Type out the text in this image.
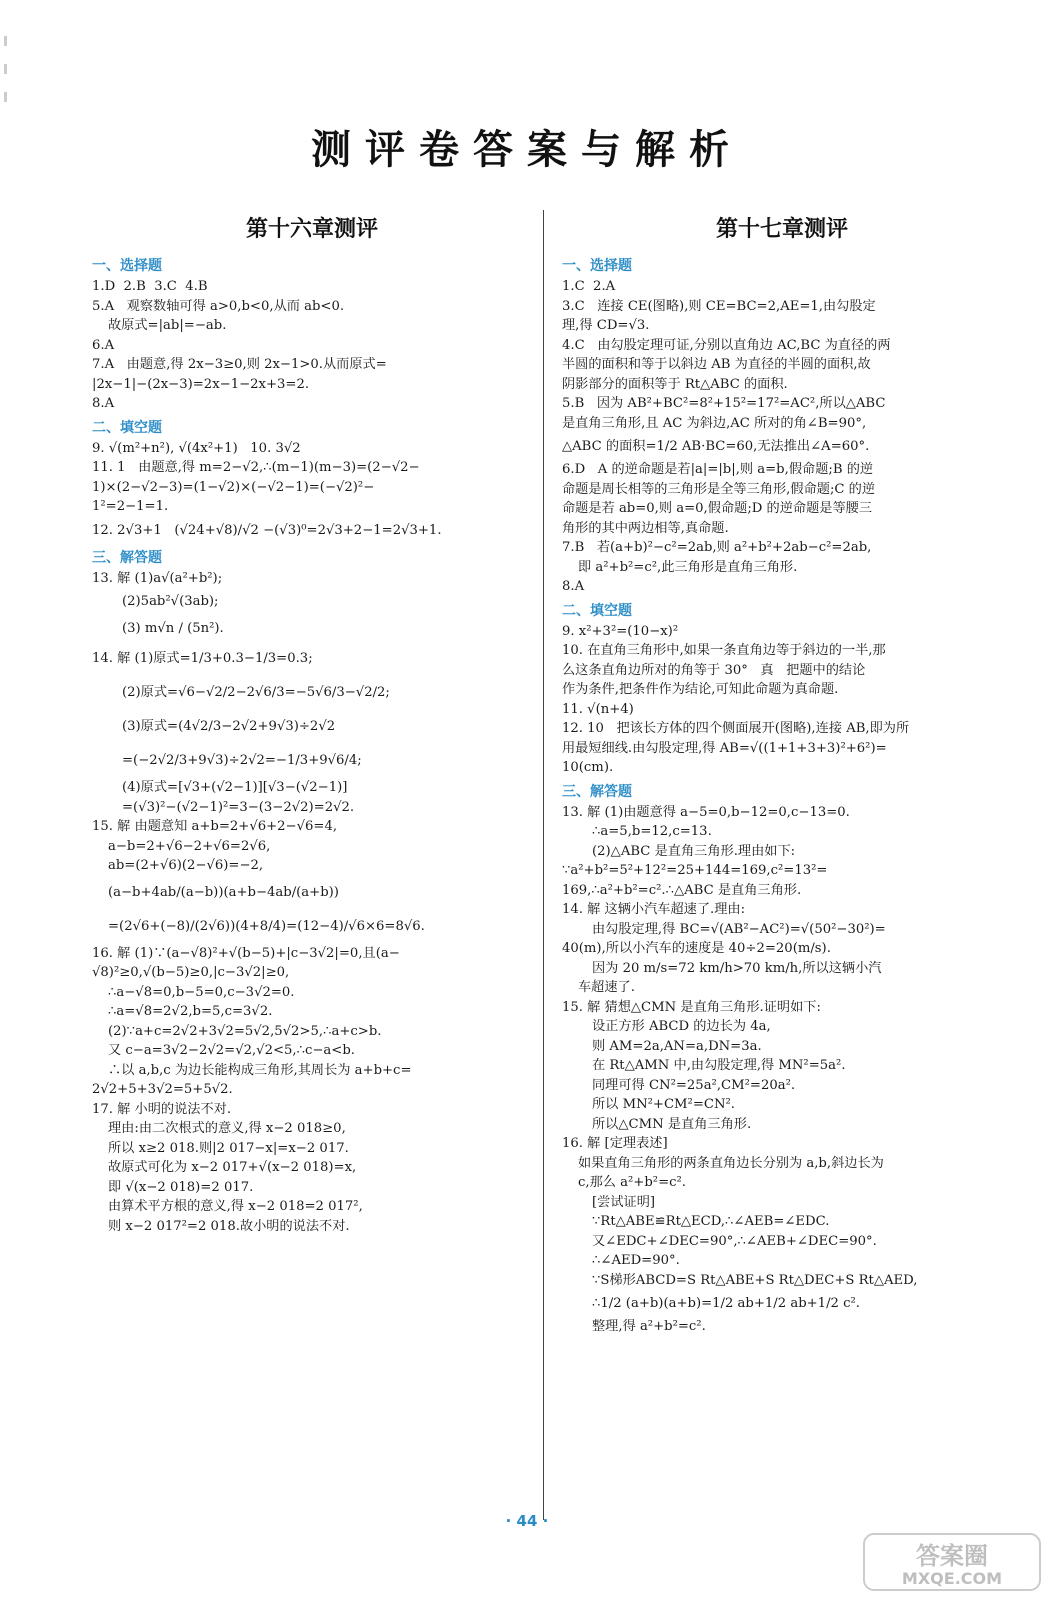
测评卷答案与解析
第十六章测评
一、选择题
1.D  2.B  3.C  4.B
5.A   观察数轴可得 a>0,b<0,从而 ab<0.
故原式=|ab|=−ab.
6.A
7.A   由题意,得 2x−3≥0,则 2x−1>0.从而原式=
|2x−1|−(2x−3)=2x−1−2x+3=2.
8.A
二、填空题
9. √(m²+n²), √(4x²+1)   10. 3√2
11. 1   由题意,得 m=2−√2,∴(m−1)(m−3)=(2−√2−
1)×(2−√2−3)=(1−√2)×(−√2−1)=(−√2)²−
1²=2−1=1.
12. 2√3+1   (√24+√8)/√2 −(√3)⁰=2√3+2−1=2√3+1.
三、解答题
13. 解 (1)a√(a²+b²);
(2)5ab²√(3ab);
(3) m√n / (5n²).
14. 解 (1)原式=1/3+0.3−1/3=0.3;
(2)原式=√6−√2/2−2√6/3=−5√6/3−√2/2;
(3)原式=(4√2/3−2√2+9√3)÷2√2
=(−2√2/3+9√3)÷2√2=−1/3+9√6/4;
(4)原式=[√3+(√2−1)][√3−(√2−1)]
=(√3)²−(√2−1)²=3−(3−2√2)=2√2.
15. 解 由题意知 a+b=2+√6+2−√6=4,
a−b=2+√6−2+√6=2√6,
ab=(2+√6)(2−√6)=−2,
(a−b+4ab/(a−b))(a+b−4ab/(a+b))
=(2√6+(−8)/(2√6))(4+8/4)=(12−4)/√6×6=8√6.
16. 解 (1)∵(a−√8)²+√(b−5)+|c−3√2|=0,且(a−
√8)²≥0,√(b−5)≥0,|c−3√2|≥0,
∴a−√8=0,b−5=0,c−3√2=0.
∴a=√8=2√2,b=5,c=3√2.
(2)∵a+c=2√2+3√2=5√2,5√2>5,∴a+c>b.
又 c−a=3√2−2√2=√2,√2<5,∴c−a<b.
∴以 a,b,c 为边长能构成三角形,其周长为 a+b+c=
2√2+5+3√2=5+5√2.
17. 解 小明的说法不对.
理由:由二次根式的意义,得 x−2 018≥0,
所以 x≥2 018.则|2 017−x|=x−2 017.
故原式可化为 x−2 017+√(x−2 018)=x,
即 √(x−2 018)=2 017.
由算术平方根的意义,得 x−2 018=2 017²,
则 x−2 017²=2 018.故小明的说法不对.
第十七章测评
一、选择题
1.C  2.A
3.C   连接 CE(图略),则 CE=BC=2,AE=1,由勾股定
理,得 CD=√3.
4.C   由勾股定理可证,分别以直角边 AC,BC 为直径的两
半圆的面积和等于以斜边 AB 为直径的半圆的面积,故
阴影部分的面积等于 Rt△ABC 的面积.
5.B   因为 AB²+BC²=8²+15²=17²=AC²,所以△ABC
是直角三角形,且 AC 为斜边,AC 所对的角∠B=90°,
△ABC 的面积=1/2 AB·BC=60,无法推出∠A=60°.
6.D   A 的逆命题是若|a|=|b|,则 a=b,假命题;B 的逆
命题是周长相等的三角形是全等三角形,假命题;C 的逆
命题是若 ab=0,则 a=0,假命题;D 的逆命题是等腰三
角形的其中两边相等,真命题.
7.B   若(a+b)²−c²=2ab,则 a²+b²+2ab−c²=2ab,
即 a²+b²=c²,此三角形是直角三角形.
8.A
二、填空题
9. x²+3²=(10−x)²
10. 在直角三角形中,如果一条直角边等于斜边的一半,那
么这条直角边所对的角等于 30°   真   把题中的结论
作为条件,把条件作为结论,可知此命题为真命题.
11. √(n+4)
12. 10   把该长方体的四个侧面展开(图略),连接 AB,即为所
用最短细线.由勾股定理,得 AB=√((1+1+3+3)²+6²)=
10(cm).
三、解答题
13. 解 (1)由题意得 a−5=0,b−12=0,c−13=0.
∴a=5,b=12,c=13.
(2)△ABC 是直角三角形.理由如下:
∵a²+b²=5²+12²=25+144=169,c²=13²=
169,∴a²+b²=c².∴△ABC 是直角三角形.
14. 解 这辆小汽车超速了.理由:
由勾股定理,得 BC=√(AB²−AC²)=√(50²−30²)=
40(m),所以小汽车的速度是 40÷2=20(m/s).
因为 20 m/s=72 km/h>70 km/h,所以这辆小汽
车超速了.
15. 解 猜想△CMN 是直角三角形.证明如下:
设正方形 ABCD 的边长为 4a,
则 AM=2a,AN=a,DN=3a.
在 Rt△AMN 中,由勾股定理,得 MN²=5a².
同理可得 CN²=25a²,CM²=20a².
所以 MN²+CM²=CN².
所以△CMN 是直角三角形.
16. 解 [定理表述]
如果直角三角形的两条直角边长分别为 a,b,斜边长为
c,那么 a²+b²=c².
[尝试证明]
∵Rt△ABE≌Rt△ECD,∴∠AEB=∠EDC.
又∠EDC+∠DEC=90°,∴∠AEB+∠DEC=90°.
∴∠AED=90°.
∵S梯形ABCD=S Rt△ABE+S Rt△DEC+S Rt△AED,
∴1/2 (a+b)(a+b)=1/2 ab+1/2 ab+1/2 c².
整理,得 a²+b²=c².
· 44 ·
答案圈
MXQE.COM
